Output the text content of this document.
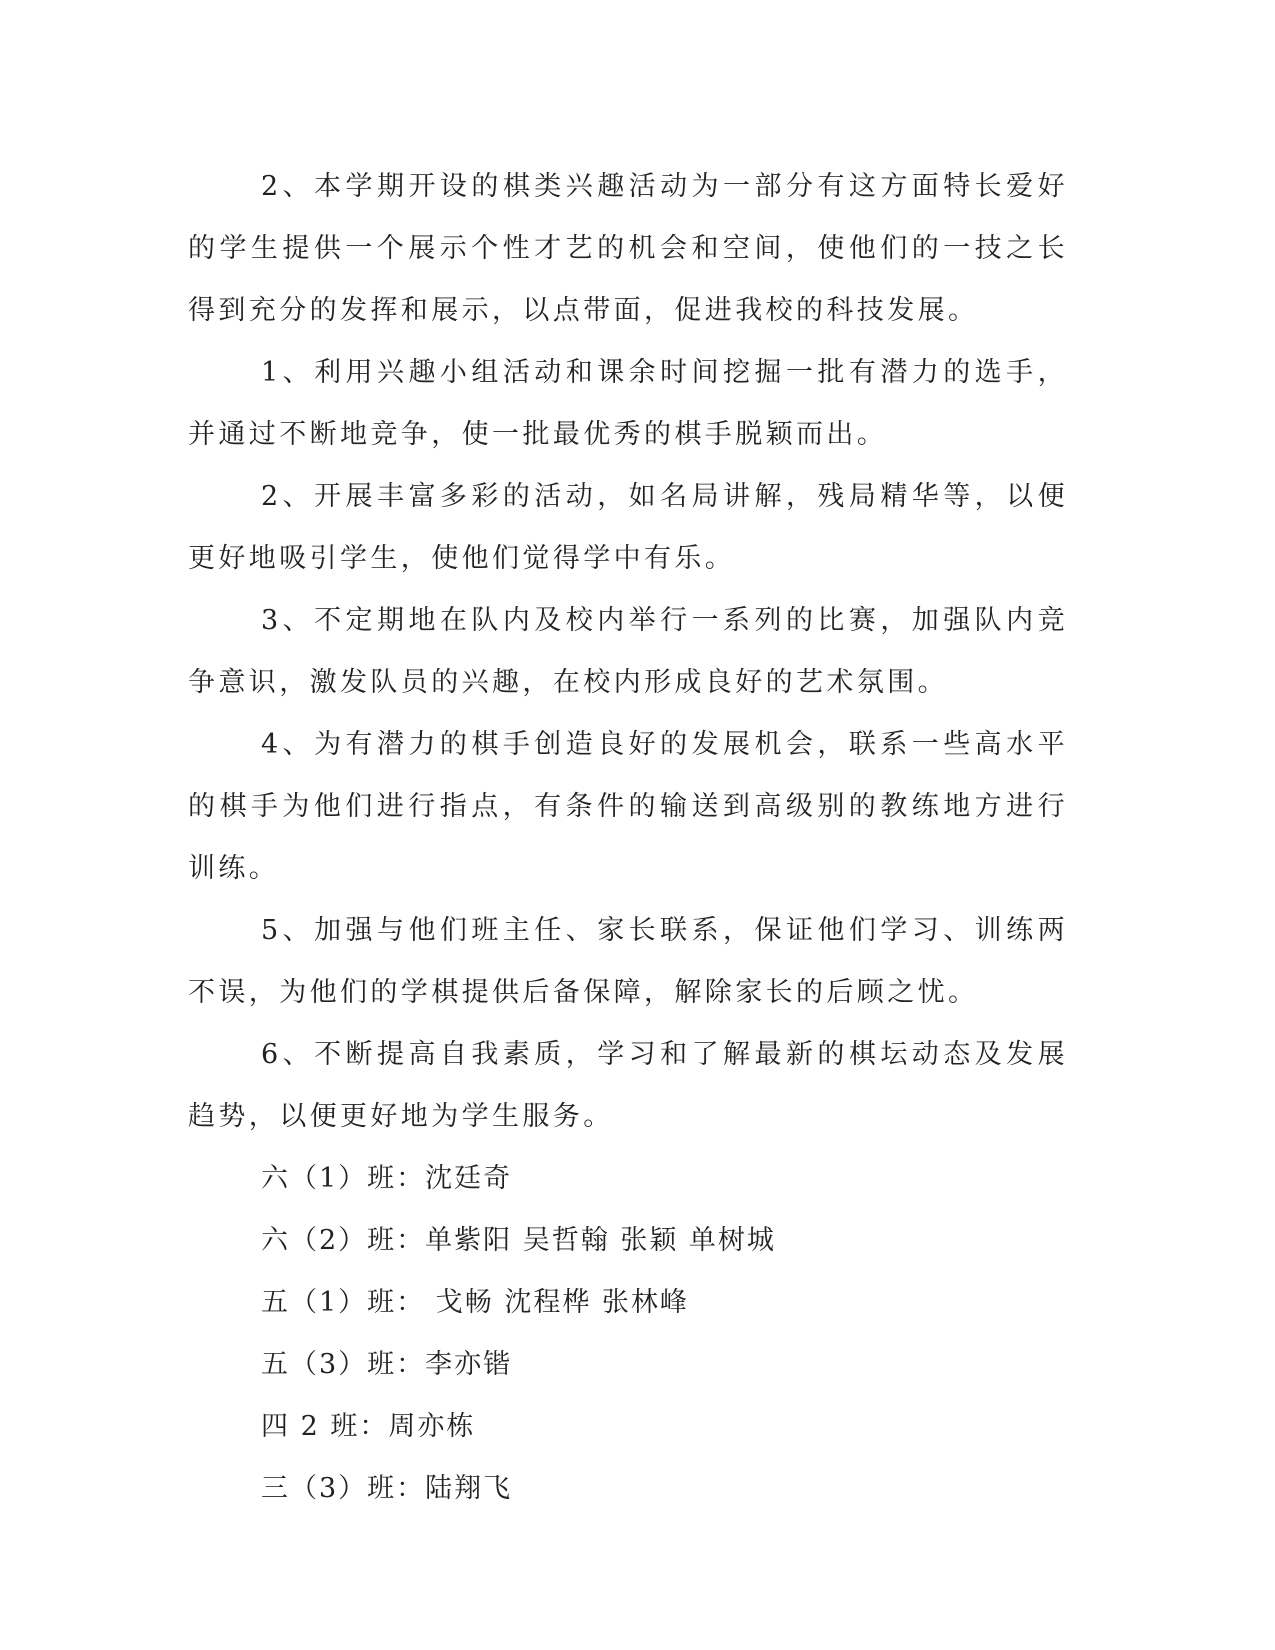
2、本学期开设的棋类兴趣活动为一部分有这方面特长爱好的学生提供一个展示个性才艺的机会和空间，使他们的一技之长得到充分的发挥和展示，以点带面，促进我校的科技发展。

1、利用兴趣小组活动和课余时间挖掘一批有潜力的选手，并通过不断地竞争，使一批最优秀的棋手脱颖而出。

2、开展丰富多彩的活动，如名局讲解，残局精华等，以便更好地吸引学生，使他们觉得学中有乐。

3、不定期地在队内及校内举行一系列的比赛，加强队内竞争意识，激发队员的兴趣，在校内形成良好的艺术氛围。

4、为有潜力的棋手创造良好的发展机会，联系一些高水平的棋手为他们进行指点，有条件的输送到高级别的教练地方进行训练。

5、加强与他们班主任、家长联系，保证他们学习、训练两不误，为他们的学棋提供后备保障，解除家长的后顾之忧。

6、不断提高自我素质，学习和了解最新的棋坛动态及发展趋势，以便更好地为学生服务。

六（1）班：沈廷奇

六（2）班：单紫阳 吴哲翰 张颖 单树城

五（1）班： 戈畅 沈程桦 张林峰

五（3）班：李亦锴

四 2 班：周亦栋

三（3）班：陆翔飞
